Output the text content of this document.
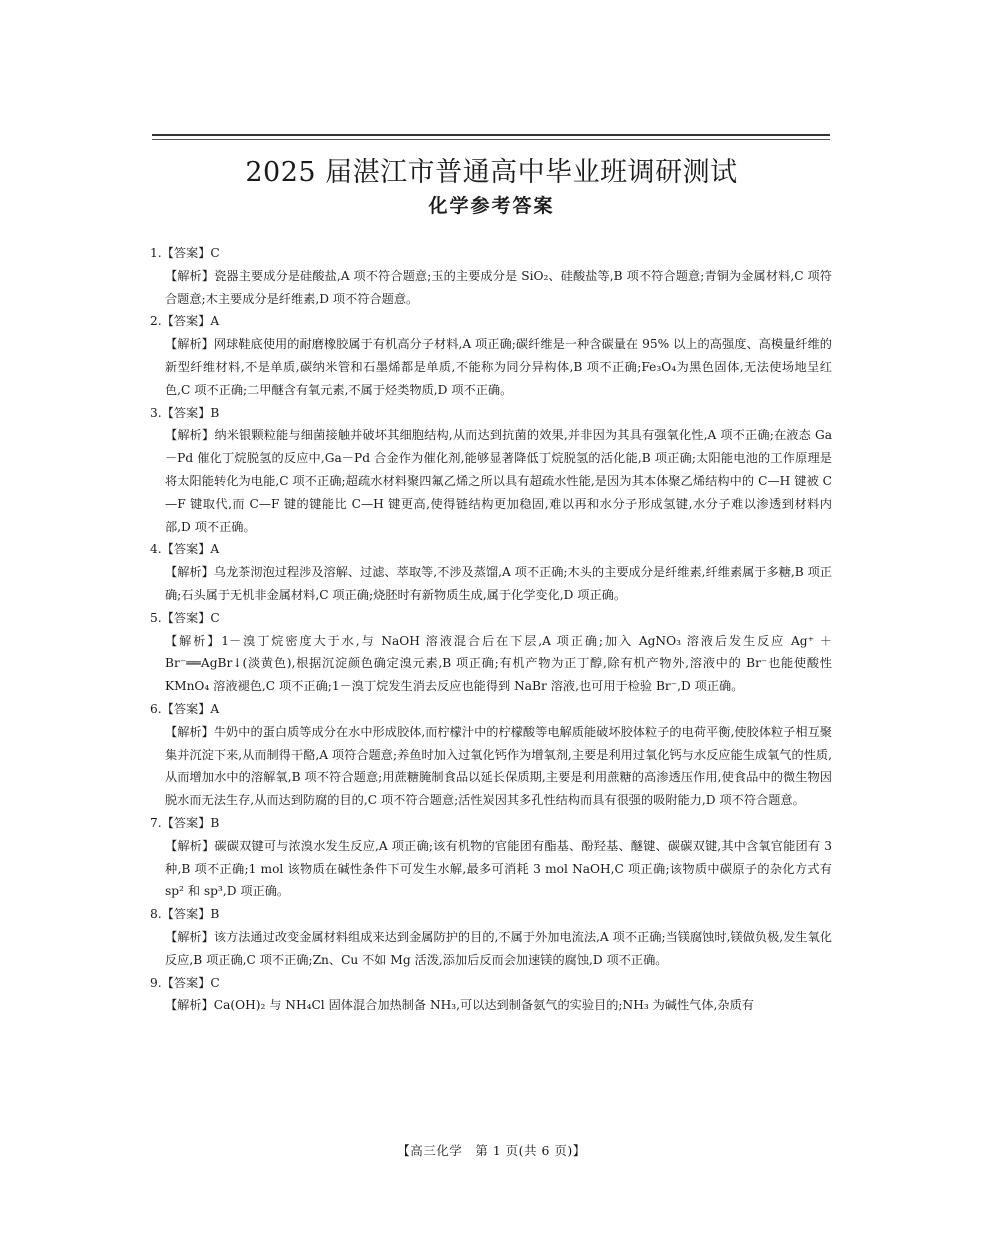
2025 届湛江市普通高中毕业班调研测试
化学参考答案
1.【答案】C
【解析】瓷器主要成分是硅酸盐,A 项不符合题意;玉的主要成分是 SiO₂、硅酸盐等,B 项不符合题意;青铜为金属材料,C 项符合题意;木主要成分是纤维素,D 项不符合题意。
2.【答案】A
【解析】网球鞋底使用的耐磨橡胶属于有机高分子材料,A 项正确;碳纤维是一种含碳量在 95% 以上的高强度、高模量纤维的新型纤维材料,不是单质,碳纳米管和石墨烯都是单质,不能称为同分异构体,B 项不正确;Fe₃O₄为黑色固体,无法使场地呈红色,C 项不正确;二甲醚含有氧元素,不属于烃类物质,D 项不正确。
3.【答案】B
【解析】纳米银颗粒能与细菌接触并破坏其细胞结构,从而达到抗菌的效果,并非因为其具有强氧化性,A 项不正确;在液态 Ga－Pd 催化丁烷脱氢的反应中,Ga－Pd 合金作为催化剂,能够显著降低丁烷脱氢的活化能,B 项正确;太阳能电池的工作原理是将太阳能转化为电能,C 项不正确;超疏水材料聚四氟乙烯之所以具有超疏水性能,是因为其本体聚乙烯结构中的 C—H 键被 C—F 键取代,而 C—F 键的键能比 C—H 键更高,使得链结构更加稳固,难以再和水分子形成氢键,水分子难以渗透到材料内部,D 项不正确。
4.【答案】A
【解析】乌龙茶沏泡过程涉及溶解、过滤、萃取等,不涉及蒸馏,A 项不正确;木头的主要成分是纤维素,纤维素属于多糖,B 项正确;石头属于无机非金属材料,C 项正确;烧胚时有新物质生成,属于化学变化,D 项正确。
5.【答案】C
【解析】1－溴丁烷密度大于水,与 NaOH 溶液混合后在下层,A 项正确;加入 AgNO₃ 溶液后发生反应 Ag⁺ ＋Br⁻══AgBr↓(淡黄色),根据沉淀颜色确定溴元素,B 项正确;有机产物为正丁醇,除有机产物外,溶液中的 Br⁻也能使酸性 KMnO₄ 溶液褪色,C 项不正确;1－溴丁烷发生消去反应也能得到 NaBr 溶液,也可用于检验 Br⁻,D 项正确。
6.【答案】A
【解析】牛奶中的蛋白质等成分在水中形成胶体,而柠檬汁中的柠檬酸等电解质能破坏胶体粒子的电荷平衡,使胶体粒子相互聚集并沉淀下来,从而制得干酪,A 项符合题意;养鱼时加入过氧化钙作为增氧剂,主要是利用过氧化钙与水反应能生成氧气的性质,从而增加水中的溶解氧,B 项不符合题意;用蔗糖腌制食品以延长保质期,主要是利用蔗糖的高渗透压作用,使食品中的微生物因脱水而无法生存,从而达到防腐的目的,C 项不符合题意;活性炭因其多孔性结构而具有很强的吸附能力,D 项不符合题意。
7.【答案】B
【解析】碳碳双键可与浓溴水发生反应,A 项正确;该有机物的官能团有酯基、酚羟基、醚键、碳碳双键,其中含氧官能团有 3 种,B 项不正确;1 mol 该物质在碱性条件下可发生水解,最多可消耗 3 mol NaOH,C 项正确;该物质中碳原子的杂化方式有 sp² 和 sp³,D 项正确。
8.【答案】B
【解析】该方法通过改变金属材料组成来达到金属防护的目的,不属于外加电流法,A 项不正确;当镁腐蚀时,镁做负极,发生氧化反应,B 项正确,C 项不正确;Zn、Cu 不如 Mg 活泼,添加后反而会加速镁的腐蚀,D 项不正确。
9.【答案】C
【解析】Ca(OH)₂ 与 NH₄Cl 固体混合加热制备 NH₃,可以达到制备氨气的实验目的;NH₃ 为碱性气体,杂质有
【高三化学　第 1 页(共 6 页)】
